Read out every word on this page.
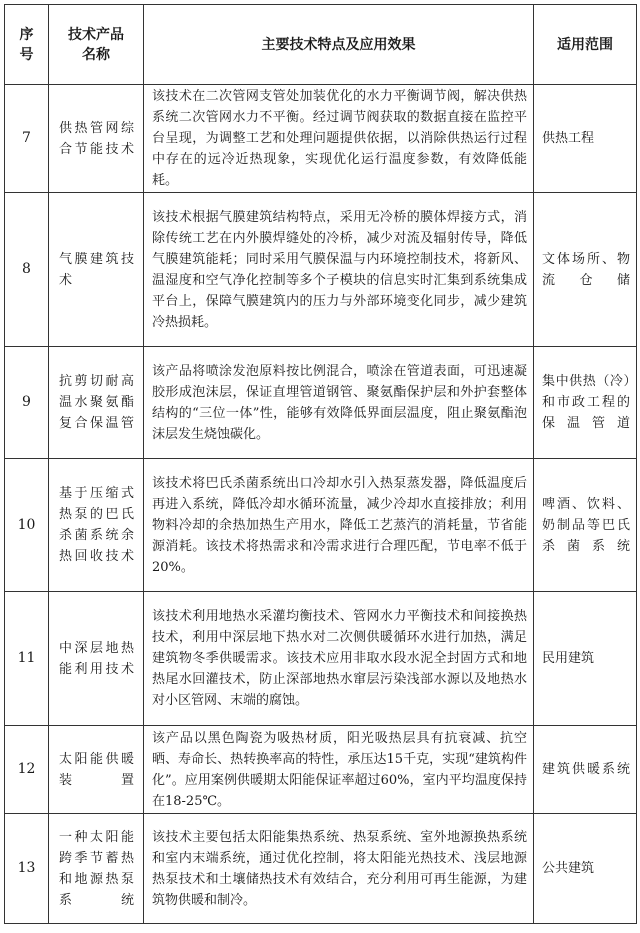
序号	技术产品名称	主要技术特点及应用效果	适用范围
7	供热管网综合节能技术	该技术在二次管网支管处加装优化的水力平衡调节阀，解决供热系统二次管网水力不平衡。经过调节阀获取的数据直接在监控平台呈现，为调整工艺和处理问题提供依据，以消除供热运行过程中存在的远冷近热现象，实现优化运行温度参数，有效降低能耗。	供热工程
8	气膜建筑技术	该技术根据气膜建筑结构特点，采用无冷桥的膜体焊接方式，消除传统工艺在内外膜焊缝处的冷桥，减少对流及辐射传导，降低气膜建筑能耗；同时采用气膜保温与内环境控制技术，将新风、温湿度和空气净化控制等多个子模块的信息实时汇集到系统集成平台上，保障气膜建筑内的压力与外部环境变化同步，减少建筑冷热损耗。	文体场所、物流仓储
9	抗剪切耐高温水聚氨酯复合保温管	该产品将喷涂发泡原料按比例混合，喷涂在管道表面，可迅速凝胶形成泡沫层，保证直埋管道钢管、聚氨酯保护层和外护套整体结构的“三位一体”性，能够有效降低界面层温度，阻止聚氨酯泡沫层发生烧蚀碳化。	集中供热（冷）和市政工程的保温管道
10	基于压缩式热泵的巴氏杀菌系统余热回收技术	该技术将巴氏杀菌系统出口冷却水引入热泵蒸发器，降低温度后再进入系统，降低冷却水循环流量，减少冷却水直接排放；利用物料冷却的余热加热生产用水，降低工艺蒸汽的消耗量，节省能源消耗。该技术将热需求和冷需求进行合理匹配，节电率不低于20%。	啤酒、饮料、奶制品等巴氏杀菌系统
11	中深层地热能利用技术	该技术利用地热水采灌均衡技术、管网水力平衡技术和间接换热技术，利用中深层地下热水对二次侧供暖循环水进行加热，满足建筑物冬季供暖需求。该技术应用非取水段水泥全封固方式和地热尾水回灌技术，防止深部地热水窜层污染浅部水源以及地热水对小区管网、末端的腐蚀。	民用建筑
12	太阳能供暖装置	该产品以黑色陶瓷为吸热材质，阳光吸热层具有抗衰减、抗空晒、寿命长、热转换率高的特性，承压达15千克，实现“建筑构件化”。应用案例供暖期太阳能保证率超过60%，室内平均温度保持在18-25℃。	建筑供暖系统
13	一种太阳能跨季节蓄热和地源热泵系统	该技术主要包括太阳能集热系统、热泵系统、室外地源换热系统和室内末端系统，通过优化控制，将太阳能光热技术、浅层地源热泵技术和土壤储热技术有效结合，充分利用可再生能源，为建筑物供暖和制冷。	公共建筑
